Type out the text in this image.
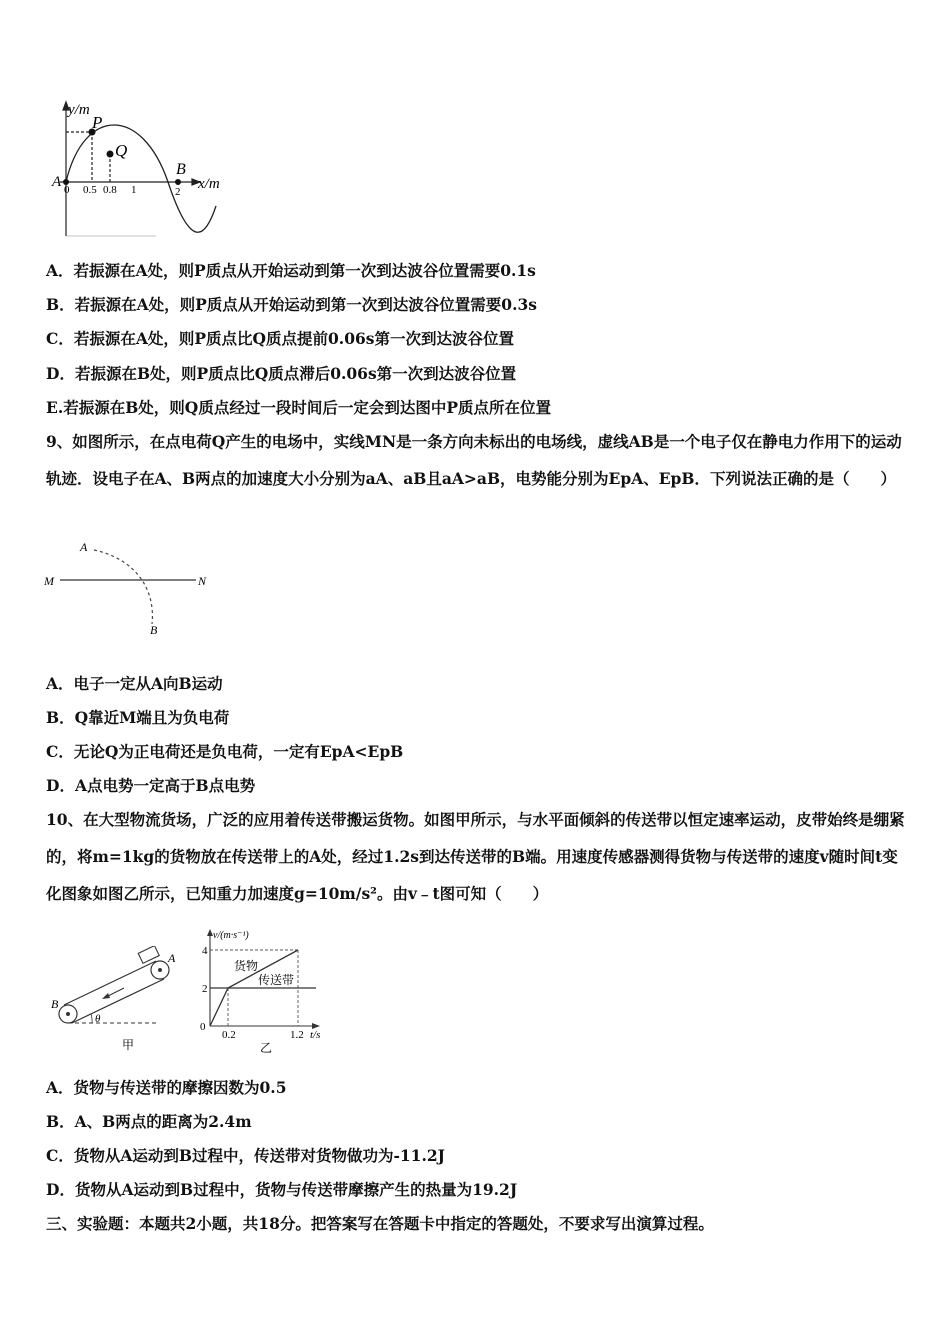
y/m
P
Q
A
B
x/m
0 0.5 0.8 1	2
A．若振源在A处，则P质点从开始运动到第一次到达波谷位置需要0.1s
B．若振源在A处，则P质点从开始运动到第一次到达波谷位置需要0.3s
C．若振源在A处，则P质点比Q质点提前0.06s第一次到达波谷位置
D．若振源在B处，则P质点比Q质点滞后0.06s第一次到达波谷位置
E.若振源在B处，则Q质点经过一段时间后一定会到达图中P质点所在位置
9、如图所示，在点电荷Q产生的电场中，实线MN是一条方向未标出的电场线，虚线AB是一个电子仅在静电力作用下的运动轨迹．设电子在A、B两点的加速度大小分别为aA、aB且aA>aB，电势能分别为EpA、EpB．下列说法正确的是（　　）
M	N
A
B
A．电子一定从A向B运动
B．Q靠近M端且为负电荷
C．无论Q为正电荷还是负电荷，一定有EpA<EpB
D．A点电势一定高于B点电势
10、在大型物流货场，广泛的应用着传送带搬运货物。如图甲所示，与水平面倾斜的传送带以恒定速率运动，皮带始终是绷紧的，将m=1kg的货物放在传送带上的A处，经过1.2s到达传送带的B端。用速度传感器测得货物与传送带的速度v随时间t变化图象如图乙所示，已知重力加速度g=10m/s²。由v﹣t图可知（　　）
B
A
θ
甲
v/(m·s⁻¹)
4
2
0
0.2	1.2 t/s
货物
传送带
乙
A．货物与传送带的摩擦因数为0.5
B．A、B两点的距离为2.4m
C．货物从A运动到B过程中，传送带对货物做功为-11.2J
D．货物从A运动到B过程中，货物与传送带摩擦产生的热量为19.2J
三、实验题：本题共2小题，共18分。把答案写在答题卡中指定的答题处，不要求写出演算过程。
